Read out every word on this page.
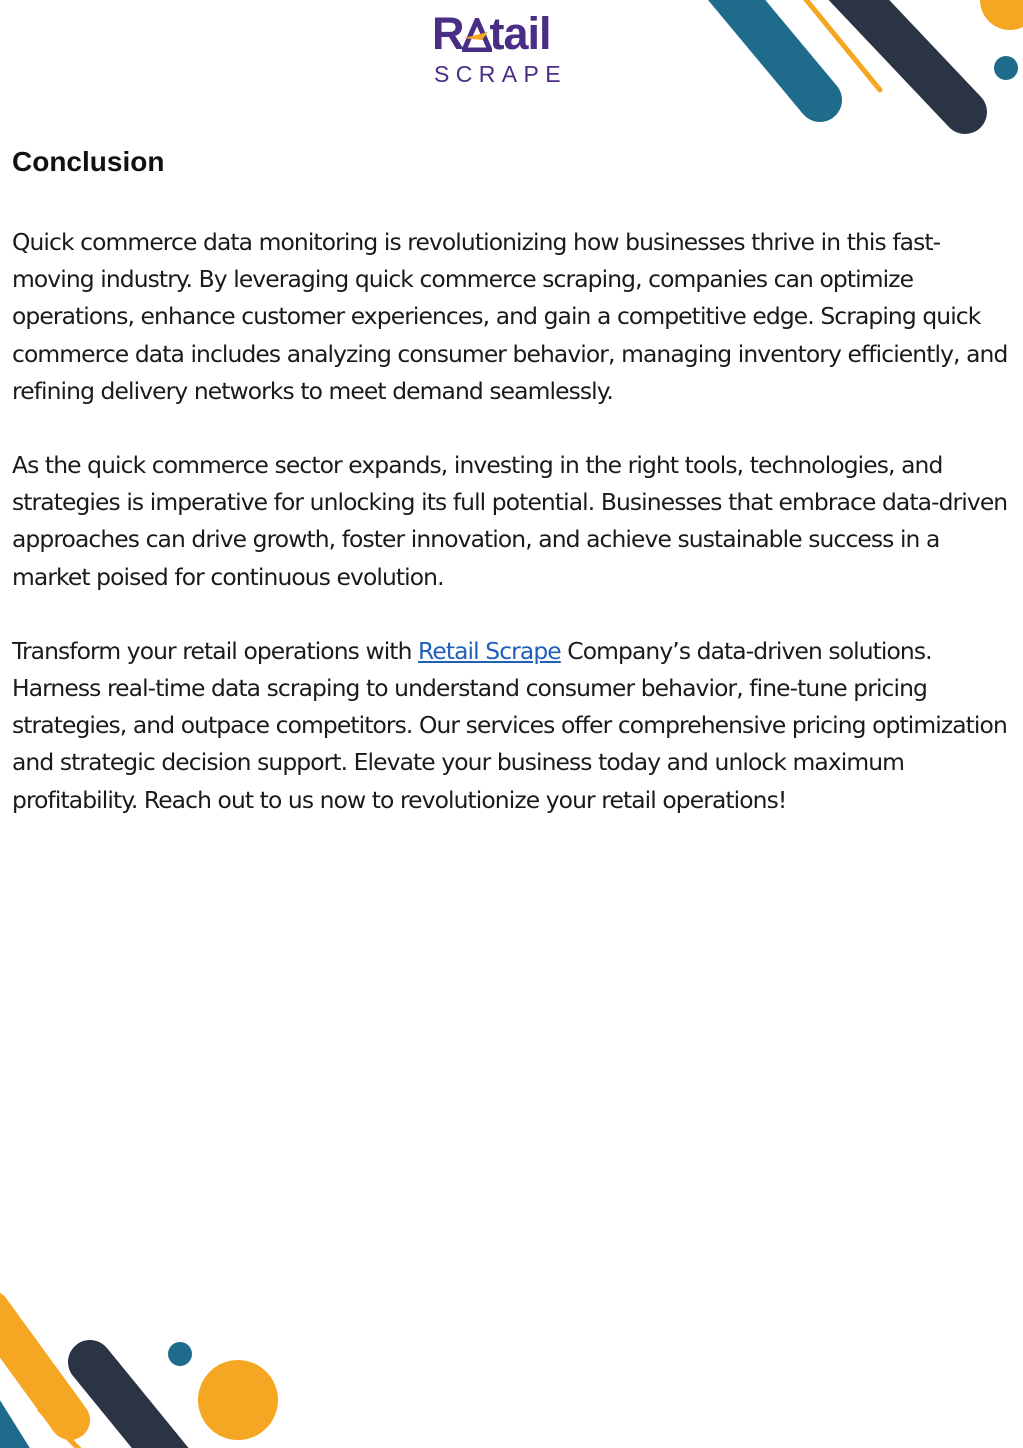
R tail
SCRAPE
Conclusion

Quick commerce data monitoring is revolutionizing how businesses thrive in this fast-moving industry. By leveraging quick commerce scraping, companies can optimize operations, enhance customer experiences, and gain a competitive edge. Scraping quick commerce data includes analyzing consumer behavior, managing inventory efficiently, and refining delivery networks to meet demand seamlessly.

As the quick commerce sector expands, investing in the right tools, technologies, and strategies is imperative for unlocking its full potential. Businesses that embrace data-driven approaches can drive growth, foster innovation, and achieve sustainable success in a market poised for continuous evolution.

Transform your retail operations with Retail Scrape Company’s data-driven solutions. Harness real-time data scraping to understand consumer behavior, fine-tune pricing strategies, and outpace competitors. Our services offer comprehensive pricing optimization and strategic decision support. Elevate your business today and unlock maximum profitability. Reach out to us now to revolutionize your retail operations!
